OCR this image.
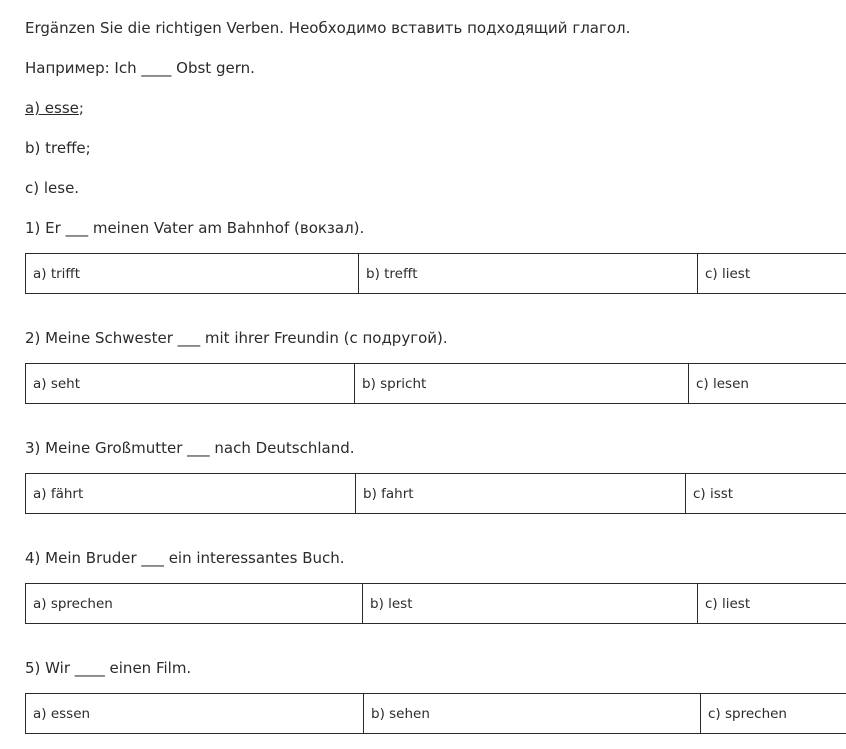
Ergänzen Sie die richtigen Verben. Необходимо вставить подходящий глагол.
Например: Ich ____ Obst gern.
a) esse;
b) treffe;
c) lese.
1) Er ___ meinen Vater am Bahnhof (вокзал).
a) trifft	b) trefft	c) liest
2) Meine Schwester ___ mit ihrer Freundin (с подругой).
a) seht	b) spricht	c) lesen
3) Meine Großmutter ___ nach Deutschland.
a) fährt	b) fahrt	c) isst
4) Mein Bruder ___ ein interessantes Buch.
a) sprechen	b) lest	c) liest
5) Wir ____ einen Film.
a) essen	b) sehen	c) sprechen
